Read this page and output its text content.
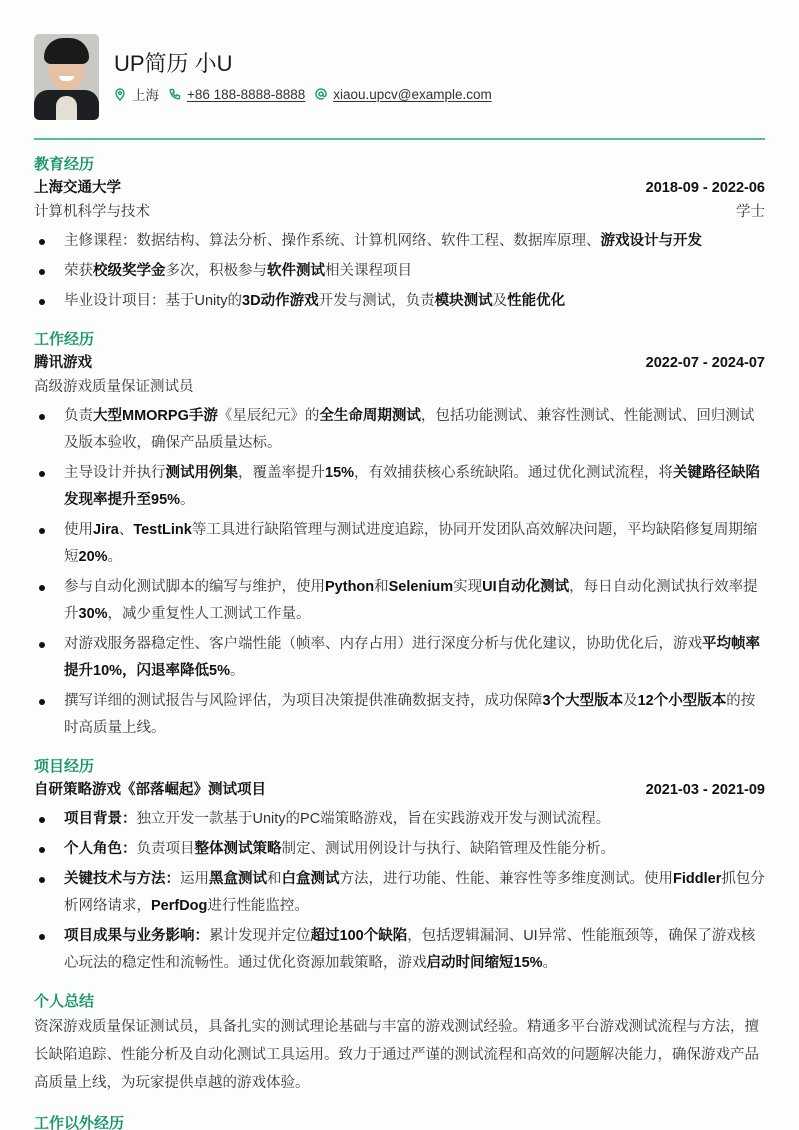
UP简历 小U
上海 +86 188-8888-8888 xiaou.upcv@example.com
教育经历
上海交通大学	2018-09 - 2022-06
计算机科学与技术	学士
主修课程：数据结构、算法分析、操作系统、计算机网络、软件工程、数据库原理、游戏设计与开发
荣获校级奖学金多次，积极参与软件测试相关课程项目
毕业设计项目：基于Unity的3D动作游戏开发与测试，负责模块测试及性能优化
工作经历
腾讯游戏	2022-07 - 2024-07
高级游戏质量保证测试员
负责大型MMORPG手游《星辰纪元》的全生命周期测试，包括功能测试、兼容性测试、性能测试、回归测试及版本验收，确保产品质量达标。
主导设计并执行测试用例集，覆盖率提升15%，有效捕获核心系统缺陷。通过优化测试流程，将关键路径缺陷发现率提升至95%。
使用Jira、TestLink等工具进行缺陷管理与测试进度追踪，协同开发团队高效解决问题，平均缺陷修复周期缩短20%。
参与自动化测试脚本的编写与维护，使用Python和Selenium实现UI自动化测试，每日自动化测试执行效率提升30%，减少重复性人工测试工作量。
对游戏服务器稳定性、客户端性能（帧率、内存占用）进行深度分析与优化建议，协助优化后，游戏平均帧率提升10%，闪退率降低5%。
撰写详细的测试报告与风险评估，为项目决策提供准确数据支持，成功保障3个大型版本及12个小型版本的按时高质量上线。
项目经历
自研策略游戏《部落崛起》测试项目	2021-03 - 2021-09
项目背景：独立开发一款基于Unity的PC端策略游戏，旨在实践游戏开发与测试流程。
个人角色：负责项目整体测试策略制定、测试用例设计与执行、缺陷管理及性能分析。
关键技术与方法：运用黑盒测试和白盒测试方法，进行功能、性能、兼容性等多维度测试。使用Fiddler抓包分析网络请求，PerfDog进行性能监控。
项目成果与业务影响：累计发现并定位超过100个缺陷，包括逻辑漏洞、UI异常、性能瓶颈等，确保了游戏核心玩法的稳定性和流畅性。通过优化资源加载策略，游戏启动时间缩短15%。
个人总结
资深游戏质量保证测试员，具备扎实的测试理论基础与丰富的游戏测试经验。精通多平台游戏测试流程与方法，擅长缺陷追踪、性能分析及自动化测试工具运用。致力于通过严谨的测试流程和高效的问题解决能力，确保游戏产品高质量上线，为玩家提供卓越的游戏体验。
工作以外经历
